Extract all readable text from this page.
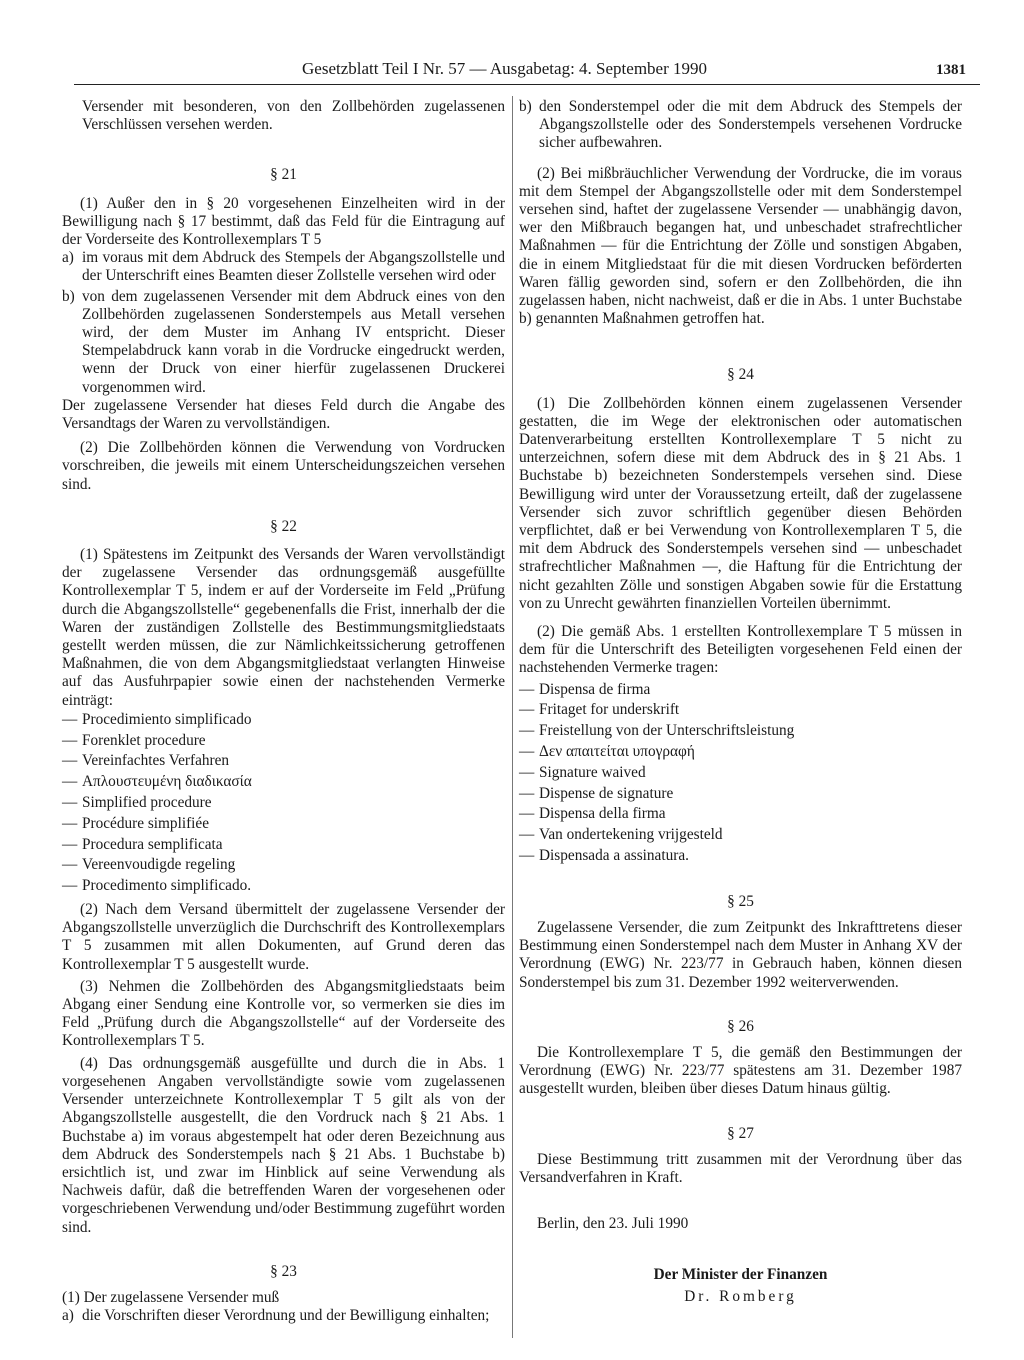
Gesetzblatt Teil I Nr. 57 — Ausgabetag: 4. September 1990	1381

Versender mit besonderen, von den Zollbehörden zugelassenen Verschlüssen versehen werden.

§ 21

(1) Außer den in § 20 vorgesehenen Einzelheiten wird in der Bewilligung nach § 17 bestimmt, daß das Feld für die Eintragung auf der Vorderseite des Kontrollexemplars T 5

a) im voraus mit dem Abdruck des Stempels der Abgangszollstelle und der Unterschrift eines Beamten dieser Zollstelle versehen wird oder
b) von dem zugelassenen Versender mit dem Abdruck eines von den Zollbehörden zugelassenen Sonderstempels aus Metall versehen wird, der dem Muster im Anhang IV entspricht. Dieser Stempelabdruck kann vorab in die Vordrucke eingedruckt werden, wenn der Druck von einer hierfür zugelassenen Druckerei vorgenommen wird.

Der zugelassene Versender hat dieses Feld durch die Angabe des Versandtags der Waren zu vervollständigen.

(2) Die Zollbehörden können die Verwendung von Vordrucken vorschreiben, die jeweils mit einem Unterscheidungszeichen versehen sind.

§ 22

(1) Spätestens im Zeitpunkt des Versands der Waren vervollständigt der zugelassene Versender das ordnungsgemäß ausgefüllte Kontrollexemplar T 5, indem er auf der Vorderseite im Feld „Prüfung durch die Abgangszollstelle“ gegebenenfalls die Frist, innerhalb der die Waren der zuständigen Zollstelle des Bestimmungsmitgliedstaats gestellt werden müssen, die zur Nämlichkeitssicherung getroffenen Maßnahmen, die von dem Abgangsmitgliedstaat verlangten Hinweise auf das Ausfuhrpapier sowie einen der nachstehenden Vermerke einträgt:

— Procedimiento simplificado
— Forenklet procedure
— Vereinfachtes Verfahren
— Απλουστευμένη διαδικασία
— Simplified procedure
— Procédure simplifiée
— Procedura semplificata
— Vereenvoudigde regeling
— Procedimento simplificado.

(2) Nach dem Versand übermittelt der zugelassene Versender der Abgangszollstelle unverzüglich die Durchschrift des Kontrollexemplars T 5 zusammen mit allen Dokumenten, auf Grund deren das Kontrollexemplar T 5 ausgestellt wurde.

(3) Nehmen die Zollbehörden des Abgangsmitgliedstaats beim Abgang einer Sendung eine Kontrolle vor, so vermerken sie dies im Feld „Prüfung durch die Abgangszollstelle“ auf der Vorderseite des Kontrollexemplars T 5.

(4) Das ordnungsgemäß ausgefüllte und durch die in Abs. 1 vorgesehenen Angaben vervollständigte sowie vom zugelassenen Versender unterzeichnete Kontrollexemplar T 5 gilt als von der Abgangszollstelle ausgestellt, die den Vordruck nach § 21 Abs. 1 Buchstabe a) im voraus abgestempelt hat oder deren Bezeichnung aus dem Abdruck des Sonderstempels nach § 21 Abs. 1 Buchstabe b) ersichtlich ist, und zwar im Hinblick auf seine Verwendung als Nachweis dafür, daß die betreffenden Waren der vorgesehenen oder vorgeschriebenen Verwendung und/oder Bestimmung zugeführt worden sind.

§ 23

(1) Der zugelassene Versender muß

a) die Vorschriften dieser Verordnung und der Bewilligung einhalten;
b) den Sonderstempel oder die mit dem Abdruck des Stempels der Abgangszollstelle oder des Sonderstempels versehenen Vordrucke sicher aufbewahren.

(2) Bei mißbräuchlicher Verwendung der Vordrucke, die im voraus mit dem Stempel der Abgangszollstelle oder mit dem Sonderstempel versehen sind, haftet der zugelassene Versender — unabhängig davon, wer den Mißbrauch begangen hat, und unbeschadet strafrechtlicher Maßnahmen — für die Entrichtung der Zölle und sonstigen Abgaben, die in einem Mitgliedstaat für die mit diesen Vordrucken beförderten Waren fällig geworden sind, sofern er den Zollbehörden, die ihn zugelassen haben, nicht nachweist, daß er die in Abs. 1 unter Buchstabe b) genannten Maßnahmen getroffen hat.

§ 24

(1) Die Zollbehörden können einem zugelassenen Versender gestatten, die im Wege der elektronischen oder automatischen Datenverarbeitung erstellten Kontrollexemplare T 5 nicht zu unterzeichnen, sofern diese mit dem Abdruck des in § 21 Abs. 1 Buchstabe b) bezeichneten Sonderstempels versehen sind. Diese Bewilligung wird unter der Voraussetzung erteilt, daß der zugelassene Versender sich zuvor schriftlich gegenüber diesen Behörden verpflichtet, daß er bei Verwendung von Kontrollexemplaren T 5, die mit dem Abdruck des Sonderstempels versehen sind — unbeschadet strafrechtlicher Maßnahmen —, die Haftung für die Entrichtung der nicht gezahlten Zölle und sonstigen Abgaben sowie für die Erstattung von zu Unrecht gewährten finanziellen Vorteilen übernimmt.

(2) Die gemäß Abs. 1 erstellten Kontrollexemplare T 5 müssen in dem für die Unterschrift des Beteiligten vorgesehenen Feld einen der nachstehenden Vermerke tragen:

— Dispensa de firma
— Fritaget for underskrift
— Freistellung von der Unterschriftsleistung
— Δεν απαιτείται υπογραφή
— Signature waived
— Dispense de signature
— Dispensa della firma
— Van ondertekening vrijgesteld
— Dispensada a assinatura.

§ 25

Zugelassene Versender, die zum Zeitpunkt des Inkrafttretens dieser Bestimmung einen Sonderstempel nach dem Muster in Anhang XV der Verordnung (EWG) Nr. 223/77 in Gebrauch haben, können diesen Sonderstempel bis zum 31. Dezember 1992 weiterverwenden.

§ 26

Die Kontrollexemplare T 5, die gemäß den Bestimmungen der Verordnung (EWG) Nr. 223/77 spätestens am 31. Dezember 1987 ausgestellt wurden, bleiben über dieses Datum hinaus gültig.

§ 27

Diese Bestimmung tritt zusammen mit der Verordnung über das Versandverfahren in Kraft.

Berlin, den 23. Juli 1990

Der Minister der Finanzen

Dr. Romberg
